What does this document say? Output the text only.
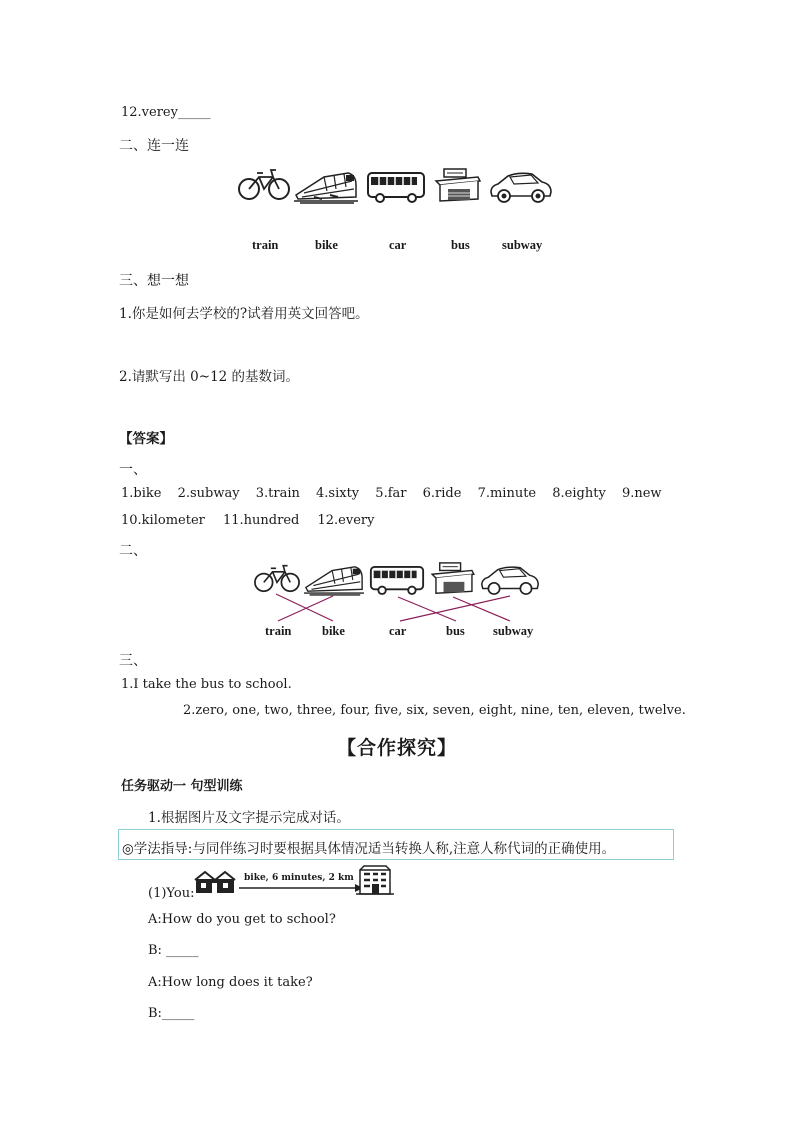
12.verey_____
二、连一连
train	bike	car	bus	subway
三、想一想
1.你是如何去学校的?试着用英文回答吧。
2.请默写出 0~12 的基数词。
【答案】
一、
1.bike 2.subway 3.train 4.sixty 5.far 6.ride 7.minute 8.eighty 9.new
10.kilometer 11.hundred 12.every
二、
train bike	car	bus subway
三、
1.I take the bus to school.
2.zero, one, two, three, four, five, six, seven, eight, nine, ten, eleven, twelve.
【合作探究】
任务驱动一 句型训练
1.根据图片及文字提示完成对话。
◎学法指导:与同伴练习时要根据具体情况适当转换人称,注意人称代词的正确使用。
(1)You:
bike, 6 minutes, 2 km
A:How do you get to school?
B: _____
A:How long does it take?
B:_____
